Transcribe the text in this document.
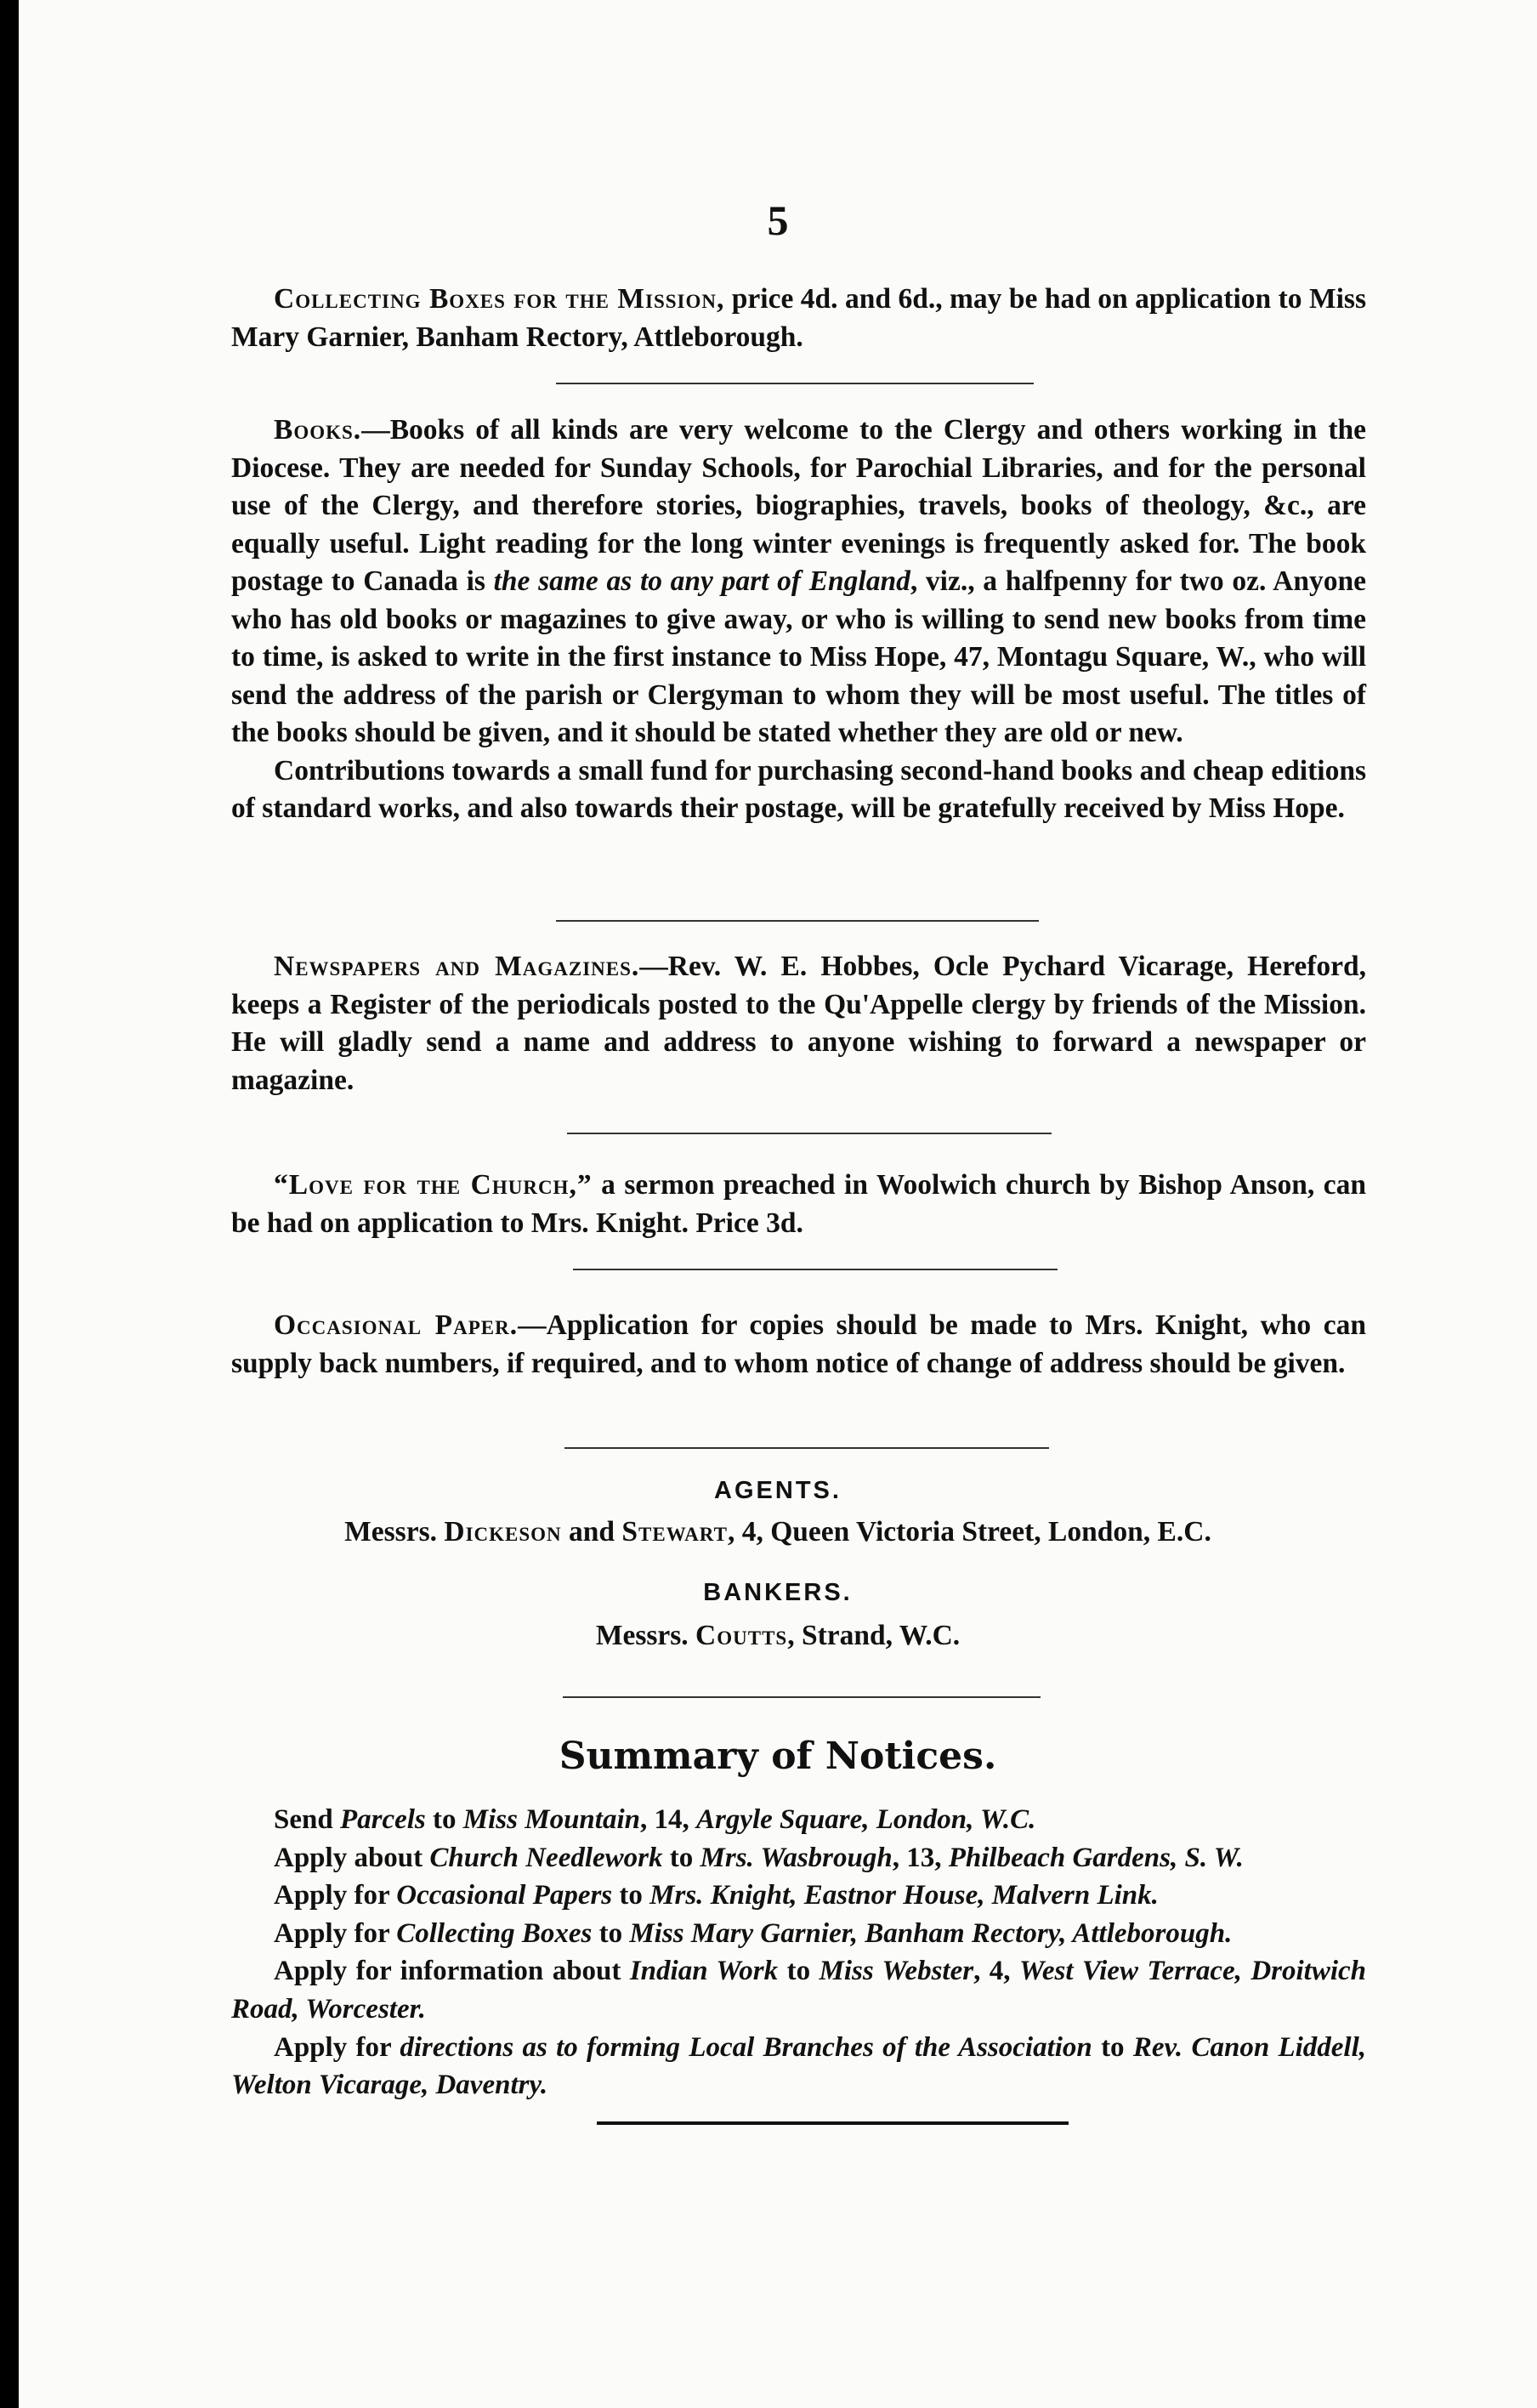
5

Collecting Boxes for the Mission, price 4d. and 6d., may be had on application to Miss Mary Garnier, Banham Rectory, Attleborough.

Books.—Books of all kinds are very welcome to the Clergy and others working in the Diocese. They are needed for Sunday Schools, for Parochial Libraries, and for the personal use of the Clergy, and therefore stories, biographies, travels, books of theology, &c., are equally useful. Light reading for the long winter evenings is frequently asked for. The book postage to Canada is the same as to any part of England, viz., a halfpenny for two oz. Anyone who has old books or magazines to give away, or who is willing to send new books from time to time, is asked to write in the first instance to Miss Hope, 47, Montagu Square, W., who will send the address of the parish or Clergyman to whom they will be most useful. The titles of the books should be given, and it should be stated whether they are old or new.

Contributions towards a small fund for purchasing second-hand books and cheap editions of standard works, and also towards their postage, will be gratefully received by Miss Hope.

Newspapers and Magazines.—Rev. W. E. Hobbes, Ocle Pychard Vicarage, Hereford, keeps a Register of the periodicals posted to the Qu'Appelle clergy by friends of the Mission. He will gladly send a name and address to anyone wishing to forward a newspaper or magazine.

“Love for the Church,” a sermon preached in Woolwich church by Bishop Anson, can be had on application to Mrs. Knight. Price 3d.

Occasional Paper.—Application for copies should be made to Mrs. Knight, who can supply back numbers, if required, and to whom notice of change of address should be given.

AGENTS.
Messrs. Dickeson and Stewart, 4, Queen Victoria Street, London, E.C.
BANKERS.
Messrs. Coutts, Strand, W.C.
Summary of Notices.
Send Parcels to Miss Mountain, 14, Argyle Square, London, W.C.
Apply about Church Needlework to Mrs. Wasbrough, 13, Philbeach Gardens, S. W.
Apply for Occasional Papers to Mrs. Knight, Eastnor House, Malvern Link.
Apply for Collecting Boxes to Miss Mary Garnier, Banham Rectory, Attleborough.
Apply for information about Indian Work to Miss Webster, 4, West View Terrace, Droitwich Road, Worcester.
Apply for directions as to forming Local Branches of the Association to Rev. Canon Liddell, Welton Vicarage, Daventry.
